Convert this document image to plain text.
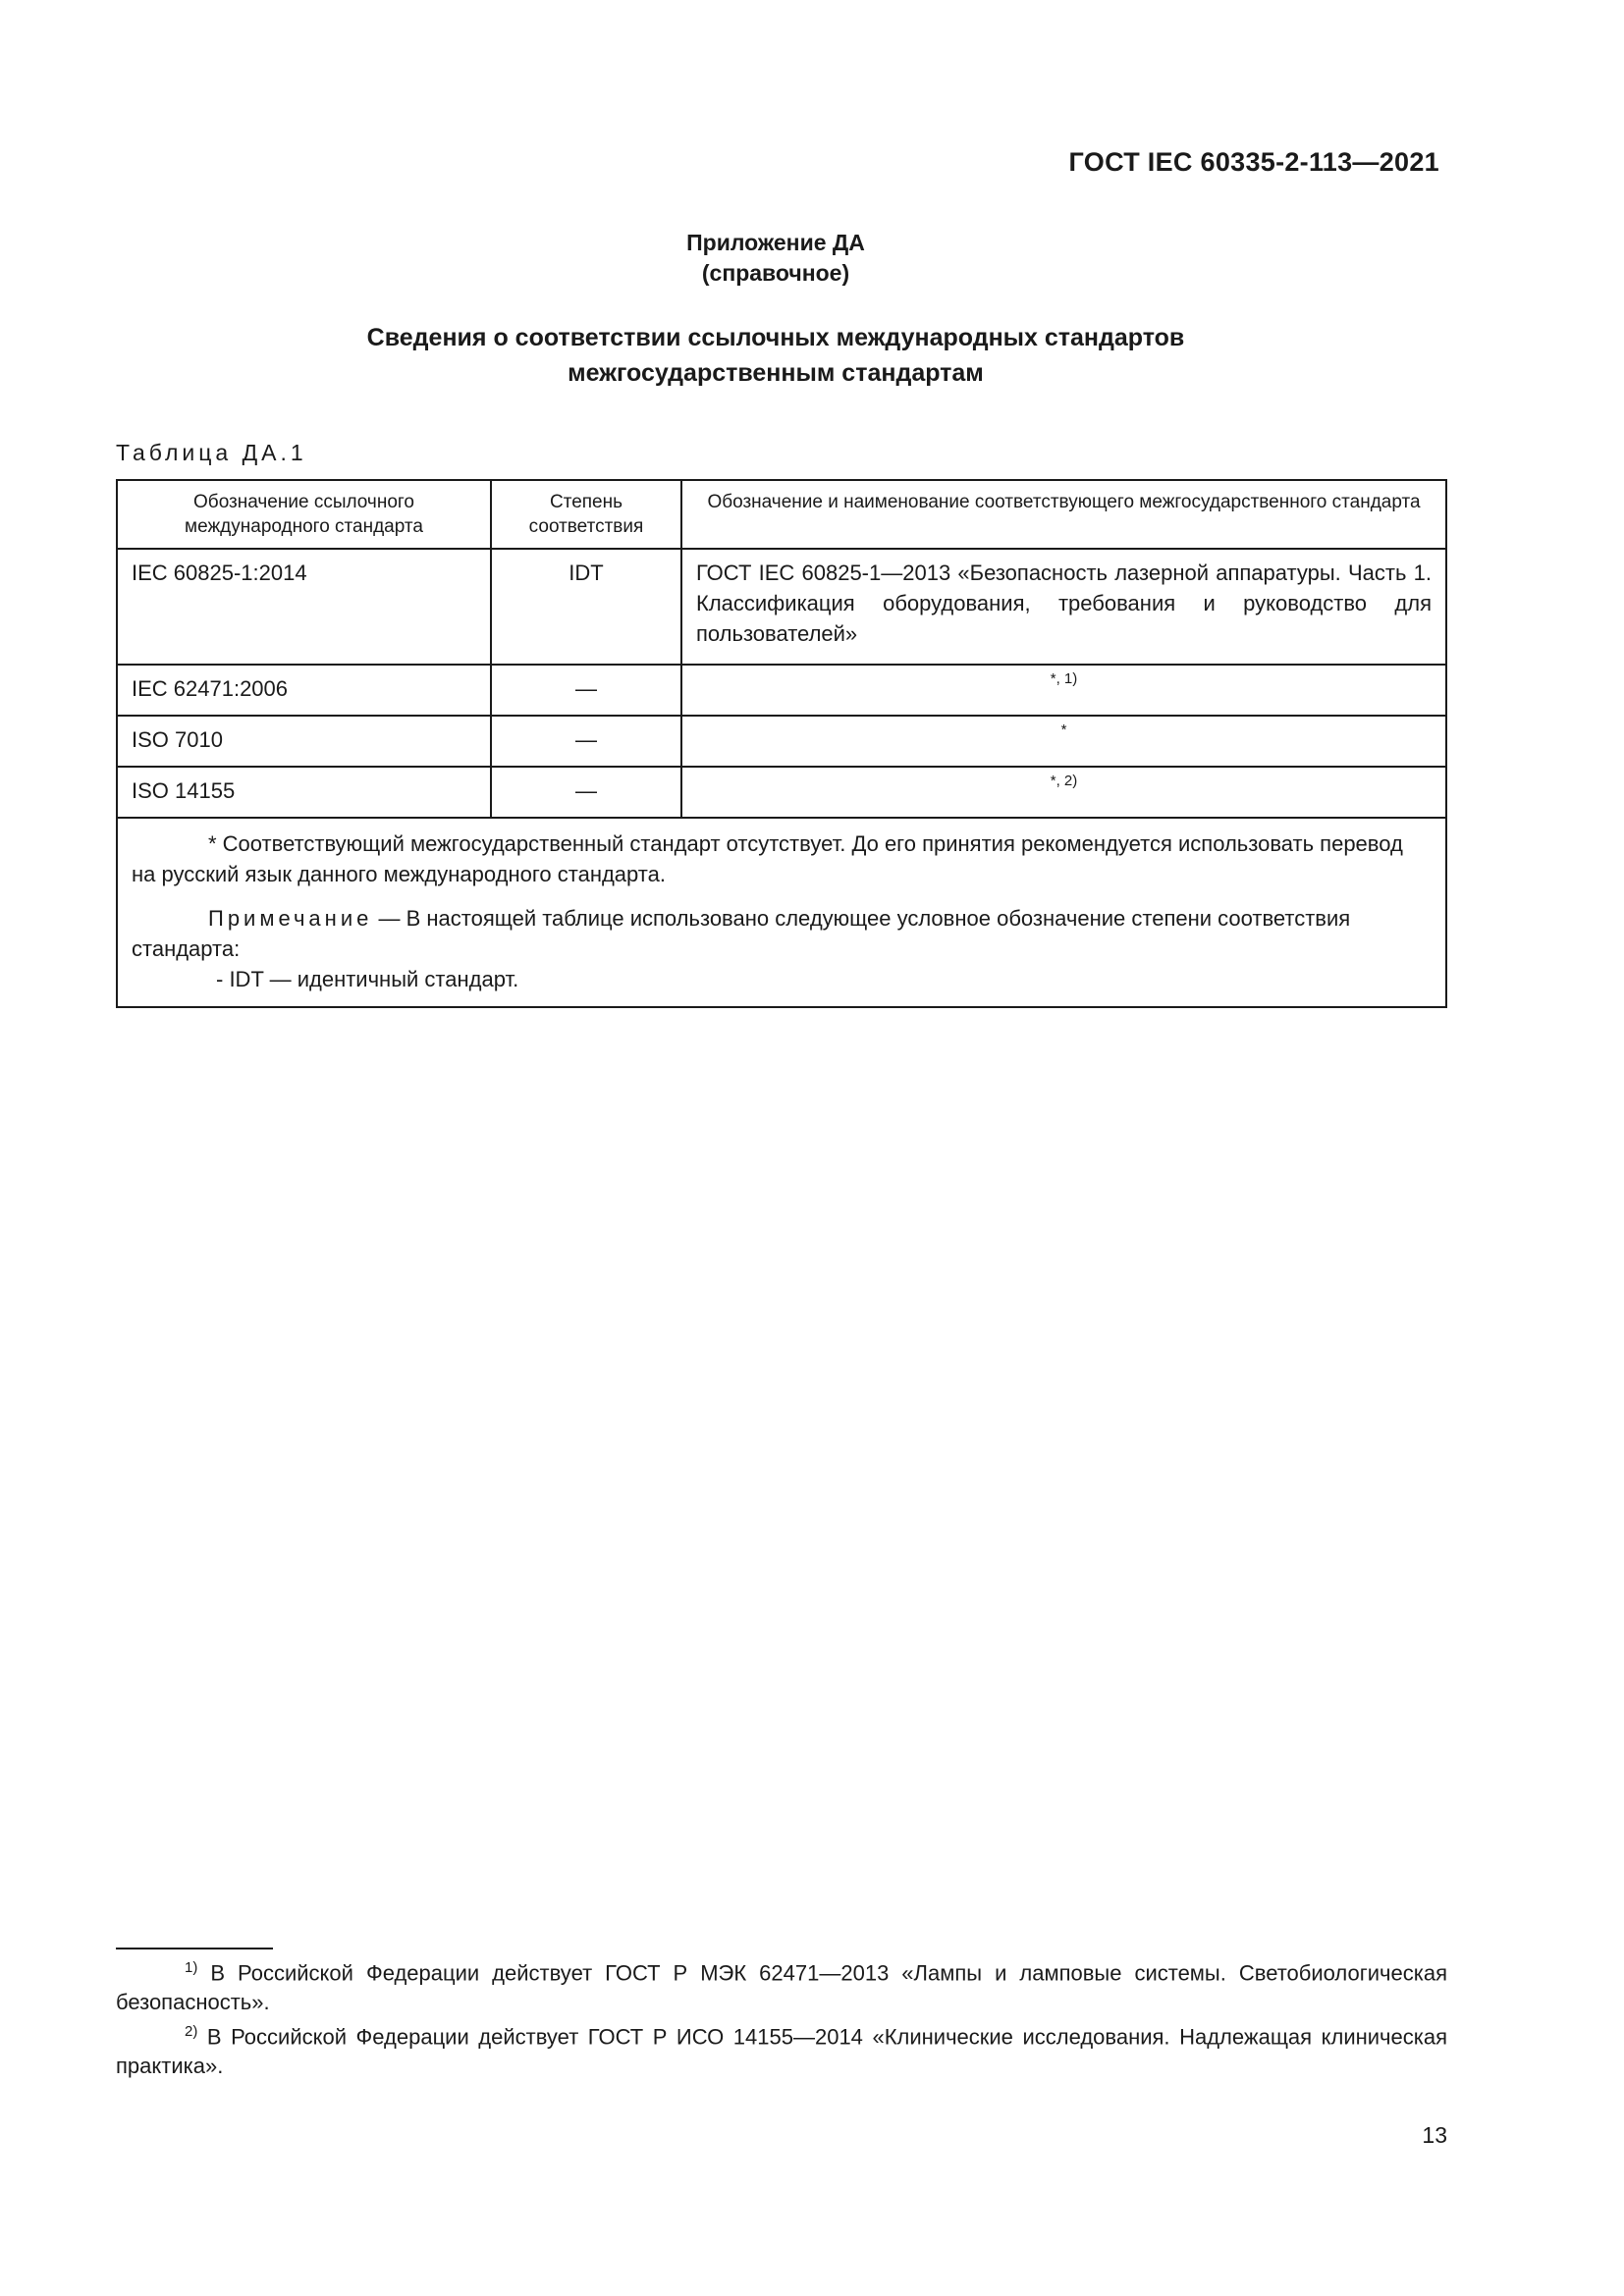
ГОСТ IEC 60335-2-113—2021
Приложение ДА
(справочное)
Сведения о соответствии ссылочных международных стандартов
межгосударственным стандартам
Таблица ДА.1
Обозначение ссылочного международного стандарта	Степень соответствия	Обозначение и наименование соответствующего межгосударственного стандарта
IEC 60825-1:2014	IDT	ГОСТ IEC 60825-1—2013 «Безопасность лазерной аппаратуры. Часть 1. Классификация оборудования, требования и руководство для пользователей»
IEC 62471:2006	—	*, 1)
ISO 7010	—	*
ISO 14155	—	*, 2)

* Соответствующий межгосударственный стандарт отсутствует. До его принятия рекомендуется использовать перевод на русский язык данного международного стандарта.

Примечание — В настоящей таблице использовано следующее условное обозначение степени соответствия стандарта:

- IDT — идентичный стандарт.		

$^{1)}$ В Российской Федерации действует ГОСТ Р МЭК 62471—2013 «Лампы и ламповые системы. Светобиологическая безопасность».

$^{2)}$ В Российской Федерации действует ГОСТ Р ИСО 14155—2014 «Клинические исследования. Надлежащая клиническая практика».

13
